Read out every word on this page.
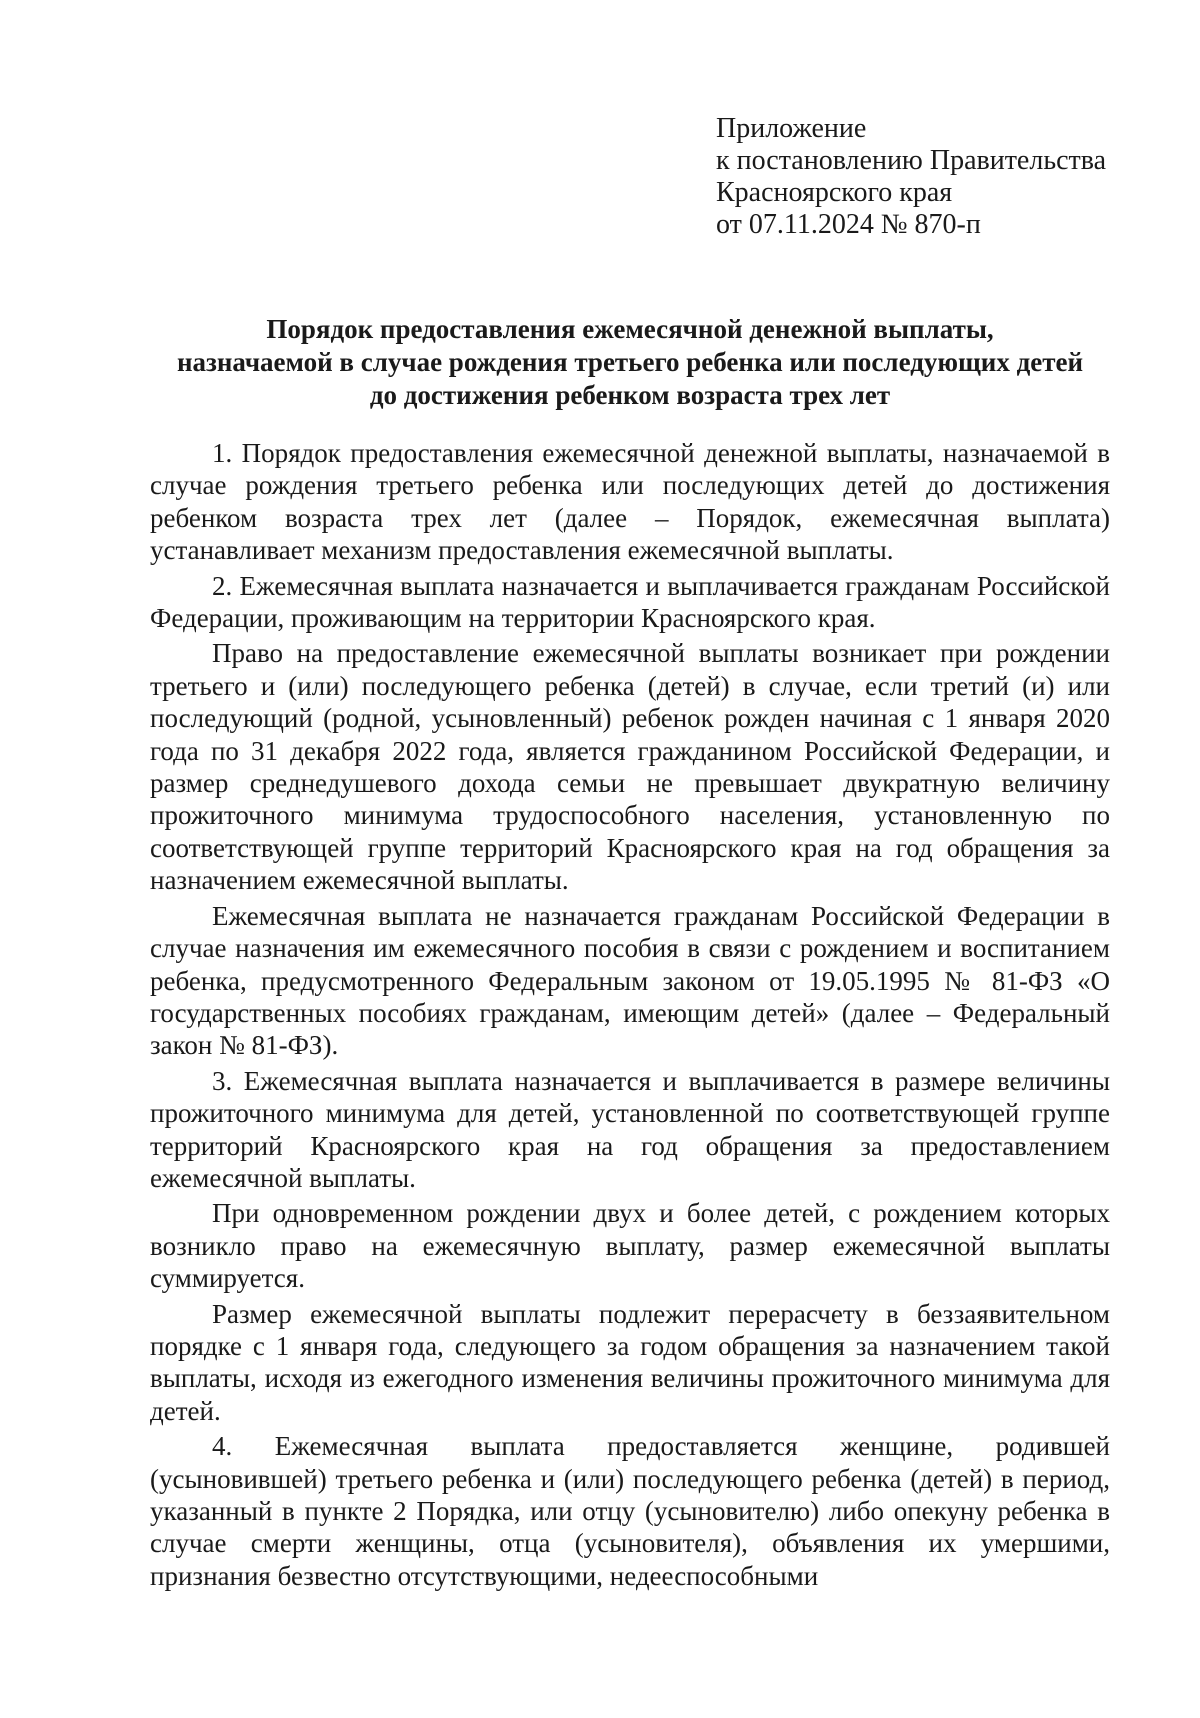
Приложение
к постановлению Правительства
Красноярского края
от 07.11.2024 № 870-п
Порядок предоставления ежемесячной денежной выплаты,
назначаемой в случае рождения третьего ребенка или последующих детей
до достижения ребенком возраста трех лет

1. Порядок предоставления ежемесячной денежной выплаты, назначаемой в случае рождения третьего ребенка или последующих детей до достижения ребенком возраста трех лет (далее – Порядок, ежемесячная выплата) устанавливает механизм предоставления ежемесячной выплаты.

2. Ежемесячная выплата назначается и выплачивается гражданам Российской Федерации, проживающим на территории Красноярского края.

Право на предоставление ежемесячной выплаты возникает при рождении третьего и (или) последующего ребенка (детей) в случае, если третий (и) или последующий (родной, усыновленный) ребенок рожден начиная с 1 января 2020 года по 31 декабря 2022 года, является гражданином Российской Федерации, и размер среднедушевого дохода семьи не превышает двукратную величину прожиточного минимума трудоспособного населения, установленную по соответствующей группе территорий Красноярского края на год обращения за назначением ежемесячной выплаты.

Ежемесячная выплата не назначается гражданам Российской Федерации в случае назначения им ежемесячного пособия в связи с рождением и воспитанием ребенка, предусмотренного Федеральным законом от 19.05.1995 № 81-ФЗ «О государственных пособиях гражданам, имеющим детей» (далее – Федеральный закон № 81-ФЗ).

3. Ежемесячная выплата назначается и выплачивается в размере величины прожиточного минимума для детей, установленной по соответствующей группе территорий Красноярского края на год обращения за предоставлением ежемесячной выплаты.

При одновременном рождении двух и более детей, с рождением которых возникло право на ежемесячную выплату, размер ежемесячной выплаты суммируется.

Размер ежемесячной выплаты подлежит перерасчету в беззаявительном порядке с 1 января года, следующего за годом обращения за назначением такой выплаты, исходя из ежегодного изменения величины прожиточного минимума для детей.

4. Ежемесячная выплата предоставляется женщине, родившей (усыновившей) третьего ребенка и (или) последующего ребенка (детей) в период, указанный в пункте 2 Порядка, или отцу (усыновителю) либо опекуну ребенка в случае смерти женщины, отца (усыновителя), объявления их умершими, признания безвестно отсутствующими, недееспособными
